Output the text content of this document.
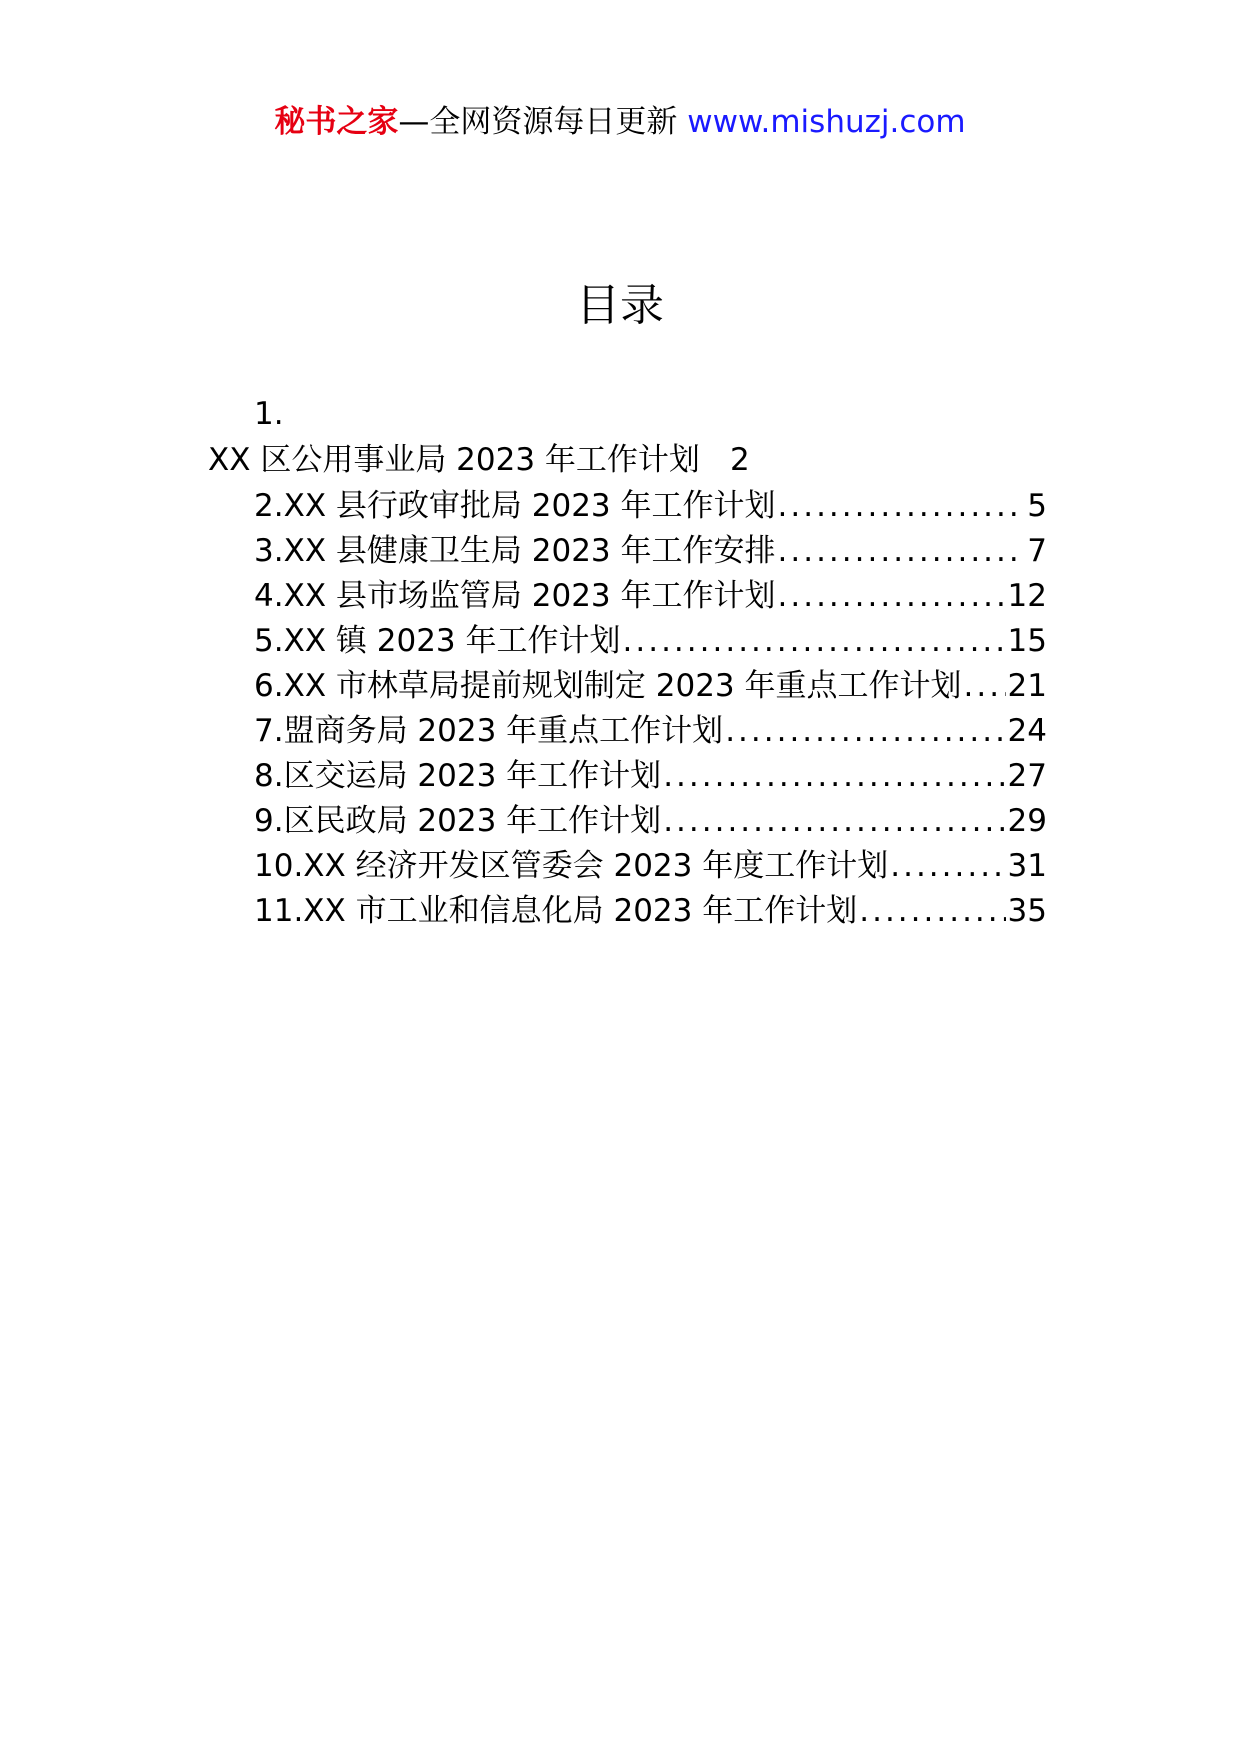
秘书之家—全网资源每日更新 www.mishuzj.com
目录
1.
XX 区公用事业局 2023 年工作计划 2
2.XX 县行政审批局 2023 年工作计划 .....	5
3.XX 县健康卫生局 2023 年工作安排 .....	7
4.XX 县市场监管局 2023 年工作计划 .....	12
5.XX 镇 2023 年工作计划 .....	15
6.XX 市林草局提前规划制定 2023 年重点工作计划 ..... 21
7.盟商务局 2023 年重点工作计划 .....	24
8.区交运局 2023 年工作计划 .....	27
9.区民政局 2023 年工作计划 .....	29
10.XX 经济开发区管委会 2023 年度工作计划 .....	31
11.XX 市工业和信息化局 2023 年工作计划 .....	35
